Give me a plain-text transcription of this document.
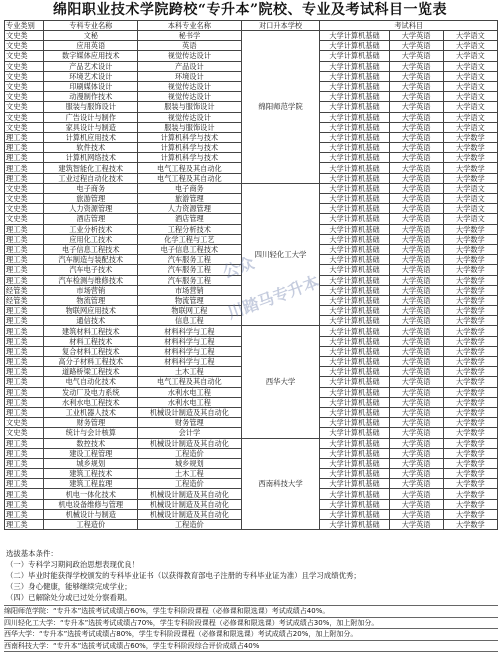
绵阳职业技术学院跨校“专升本”院校、专业及考试科目一览表
专业类别	专科专业名称	本科专业名称	对口升本学校	考试科目		
文史类	文秘	秘书学	绵阳师范学院	大学计算机基础	大学英语	大学语文
文史类	应用英语	英语		大学计算机基础	大学英语	大学语文
文史类	数字媒体应用技术	视觉传达设计		大学计算机基础	大学英语	大学语文
文史类	产品艺术设计	产品设计		大学计算机基础	大学英语	大学语文
文史类	环境艺术设计	环境设计		大学计算机基础	大学英语	大学语文
文史类	印刷媒体设计	视觉传达设计		大学计算机基础	大学英语	大学语文
文史类	动漫制作技术	视觉传达设计		大学计算机基础	大学英语	大学语文
文史类	服装与服饰设计	服装与服饰设计		大学计算机基础	大学英语	大学语文
文史类	广告设计与制作	视觉传达设计		大学计算机基础	大学英语	大学语文
文史类	家具设计与制造	服装与服饰设计		大学计算机基础	大学英语	大学语文
理工类	计算机应用技术	计算机科学与技术		大学计算机基础	大学英语	大学数学
理工类	软件技术	计算机科学与技术		大学计算机基础	大学英语	大学数学
理工类	计算机网络技术	计算机科学与技术		大学计算机基础	大学英语	大学数学
理工类	建筑智能化工程技术	电气工程及其自动化		大学计算机基础	大学英语	大学数学
理工类	工业过程自动化技术	电气工程及其自动化		大学计算机基础	大学英语	大学数学
文史类	电子商务	电子商务	四川轻化工大学	大学计算机基础	大学英语	大学语文
文史类	旅游管理	旅游管理		大学计算机基础	大学英语	大学语文
文史类	人力资源管理	人力资源管理		大学计算机基础	大学英语	大学语文
文史类	酒店管理	酒店管理		大学计算机基础	大学英语	大学语文
理工类	工业分析技术	工程分析技术		大学计算机基础	大学英语	大学数学
理工类	应用化工技术	化学工程与工艺		大学计算机基础	大学英语	大学数学
理工类	电子信息工程技术	电子信息工程技术		大学计算机基础	大学英语	大学数学
理工类	汽车制造与装配技术	汽车服务工程		大学计算机基础	大学英语	大学数学
理工类	汽车电子技术	汽车服务工程		大学计算机基础	大学英语	大学数学
理工类	汽车检测与维修技术	汽车服务工程		大学计算机基础	大学英语	大学数学
经管类	市场营销	市场营销		大学计算机基础	大学英语	大学数学
经管类	物流管理	物流管理		大学计算机基础	大学英语	大学数学
理工类	物联网应用技术	物联网工程		大学计算机基础	大学英语	大学数学
理工类	通信技术	信息工程		大学计算机基础	大学英语	大学数学
理工类	建筑材料工程技术	材料科学与工程	西华大学	大学计算机基础	大学英语	大学数学
理工类	材料工程技术	材料科学与工程		大学计算机基础	大学英语	大学数学
理工类	复合材料工程技术	材料科学与工程		大学计算机基础	大学英语	大学数学
理工类	高分子材料工程技术	材料科学与工程		大学计算机基础	大学英语	大学数学
理工类	道路桥梁工程技术	土木工程		大学计算机基础	大学英语	大学数学
理工类	电气自动化技术	电气工程及其自动化		大学计算机基础	大学英语	大学数学
理工类	发动厂及电力系统	水利水电工程		大学计算机基础	大学英语	大学数学
理工类	水利水电工程技术	水利水电工程		大学计算机基础	大学英语	大学数学
理工类	工业机器人技术	机械设计制造及其自动化		大学计算机基础	大学英语	大学数学
文史类	财务管理	财务管理		大学计算机基础	大学英语	大学数学
文史类	统计与会计核算	会计学		大学计算机基础	大学英语	大学数学
理工类	数控技术	机械设计制造及其自动化	西南科技大学	大学计算机基础	大学英语	大学数学
理工类	建设工程管理	工程造价		大学计算机基础	大学英语	大学数学
理工类	城乡规划	城乡规划		大学计算机基础	大学英语	大学数学
理工类	建筑工程技术	土木工程		大学计算机基础	大学英语	大学数学
理工类	建筑工程监理	工程造价		大学计算机基础	大学英语	大学数学
理工类	机电一体化技术	机械设计制造及其自动化		大学计算机基础	大学英语	大学数学
理工类	机电设备维修与管理	机械设计制造及其自动化		大学计算机基础	大学英语	大学数学
理工类	机械设计与制造	机械设计制造及其自动化		大学计算机基础	大学英语	大学数学
理工类	工程造价	工程造价		大学计算机基础	大学英语	大学数学
选拔基本条件：
（一）专科学习期间政治思想表现优良！
（二）毕业时能获得学校颁发的专科毕业证书（以获得教育部电子注册的专科毕业证为准）且学习成绩优秀；
（三）身心健康，能够继续完成学业；
（四）已解除处分或已过处分察看期。
绵阳师范学院：“专升本”选拔考试成绩占60%，学生专科阶段课程（必修课和限选课）考试成绩占40%。
四川轻化工大学：“专升本”选拔考试成绩占70%，学生专科阶段课程（必修课和限选课）考试成绩占30%，加上附加分。
西华大学：“专升本”选拔考试成绩占80%，学生专科阶段课程（必修课和限选课）考试成绩占20%，加上附加分。
西南科技大学：“专升本”选拔考试成绩占60%，学生专科阶段综合评价成绩占40%
公众
川踏马专升本
